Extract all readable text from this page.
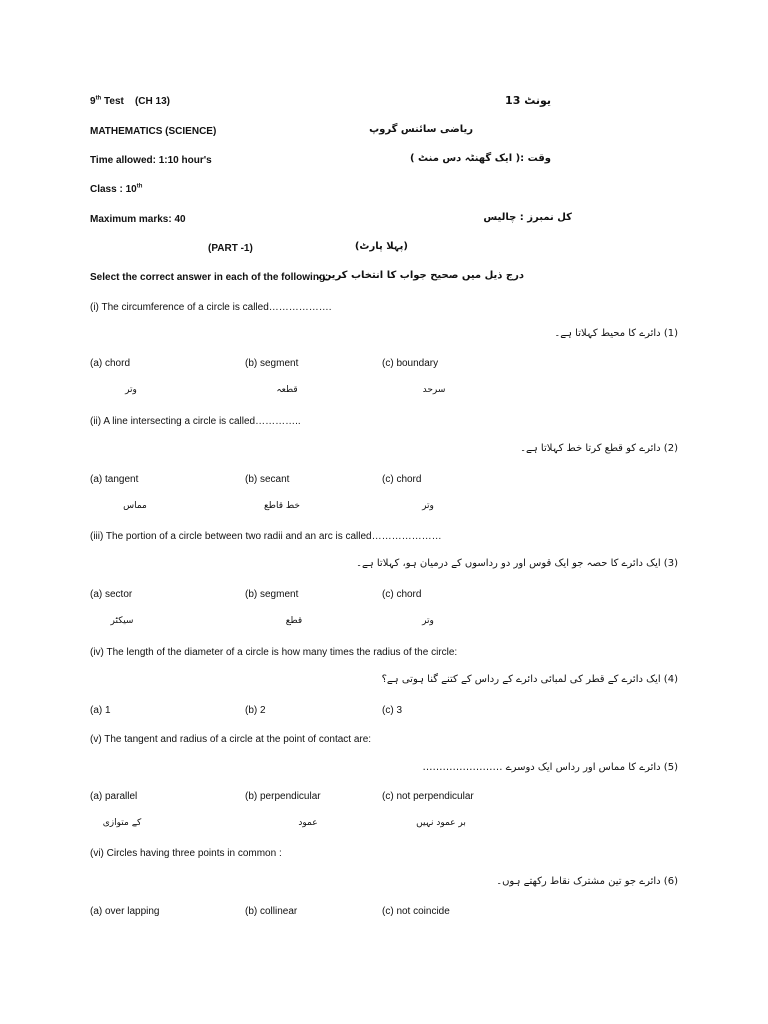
9th Test (CH 13)	یونٹ 13
MATHEMATICS (SCIENCE)	ریاضی سائنس گروپ
Time allowed: 1:10 hour's	وقت :( ایک گھنٹہ دس منٹ )
Class : 10th
Maximum marks: 40	کل نمبرز : چالیس
(PART -1)	(پہلا پارٹ)
Select the correct answer in each of the following:
درج ذیل میں صحیح جواب کا انتخاب کریں۔
(i) The circumference of a circle is called……………….
(1) دائرے کا محیط کہلاتا ہے۔
(a) chord	(b) segment	(c) boundary
وتر	قطعہ	سرحد
(ii) A line intersecting a circle is called…………..
(2) دائرے کو قطع کرتا خط کہلاتا ہے۔
(a) tangent	(b) secant	(c) chord
مماس	خط قاطع	وتر
(iii) The portion of a circle between two radii and an arc is called…………………
(3) ایک دائرے کا حصہ جو ایک قوس اور دو رداسوں کے درمیان ہو، کہلاتا ہے۔
(a) sector	(b) segment	(c) chord
سیکٹر	قطع	وتر
(iv) The length of the diameter of a circle is how many times the radius of the circle:
(4) ایک دائرے کے قطر کی لمبائی دائرے کے رداس کے کتنے گنا ہوتی ہے؟
(a) 1	(b) 2	(c) 3
(v) The tangent and radius of a circle at the point of contact are:
(5) دائرے کا مماس اور رداس ایک دوسرے ……………………
(a) parallel	(b) perpendicular	(c) not perpendicular
کے متوازی	عمود	بر عمود نہیں
(vi) Circles having three points in common :
(6) دائرے جو تین مشترک نقاط رکھتے ہوں۔
(a) over lapping	(b) collinear	(c) not coincide
